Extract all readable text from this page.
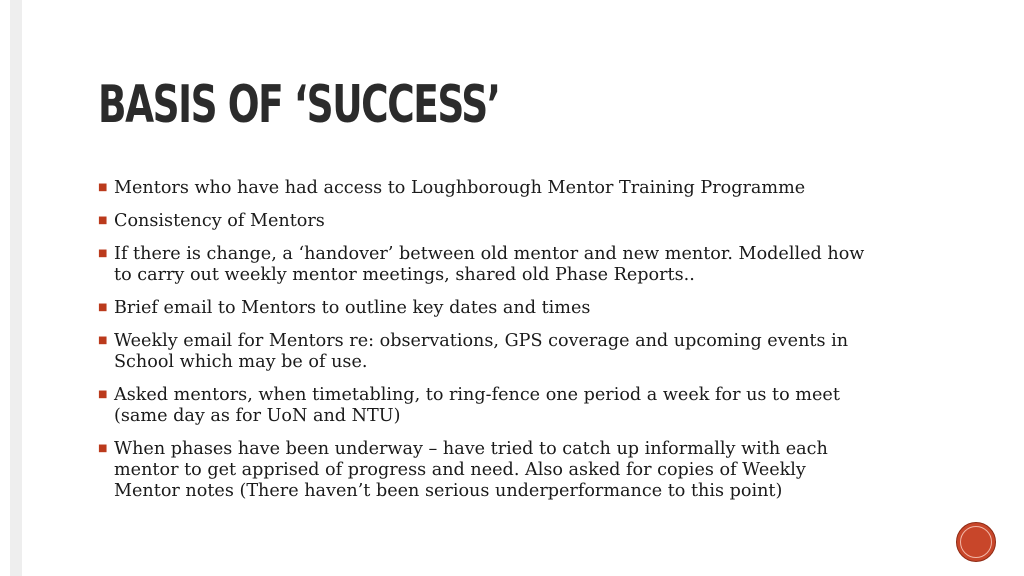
BASIS OF ‘SUCCESS’
■ Mentors who have had access to Loughborough Mentor Training Programme
■ Consistency of Mentors
■ If there is change, a ‘handover’ between old mentor and new mentor. Modelled how
to carry out weekly mentor meetings, shared old Phase Reports..
■ Brief email to Mentors to outline key dates and times
■ Weekly email for Mentors re: observations, GPS coverage and upcoming events in
School which may be of use.
■ Asked mentors, when timetabling, to ring-fence one period a week for us to meet
(same day as for UoN and NTU)
■ When phases have been underway – have tried to catch up informally with each
mentor to get apprised of progress and need. Also asked for copies of Weekly
Mentor notes (There haven’t been serious underperformance to this point)
